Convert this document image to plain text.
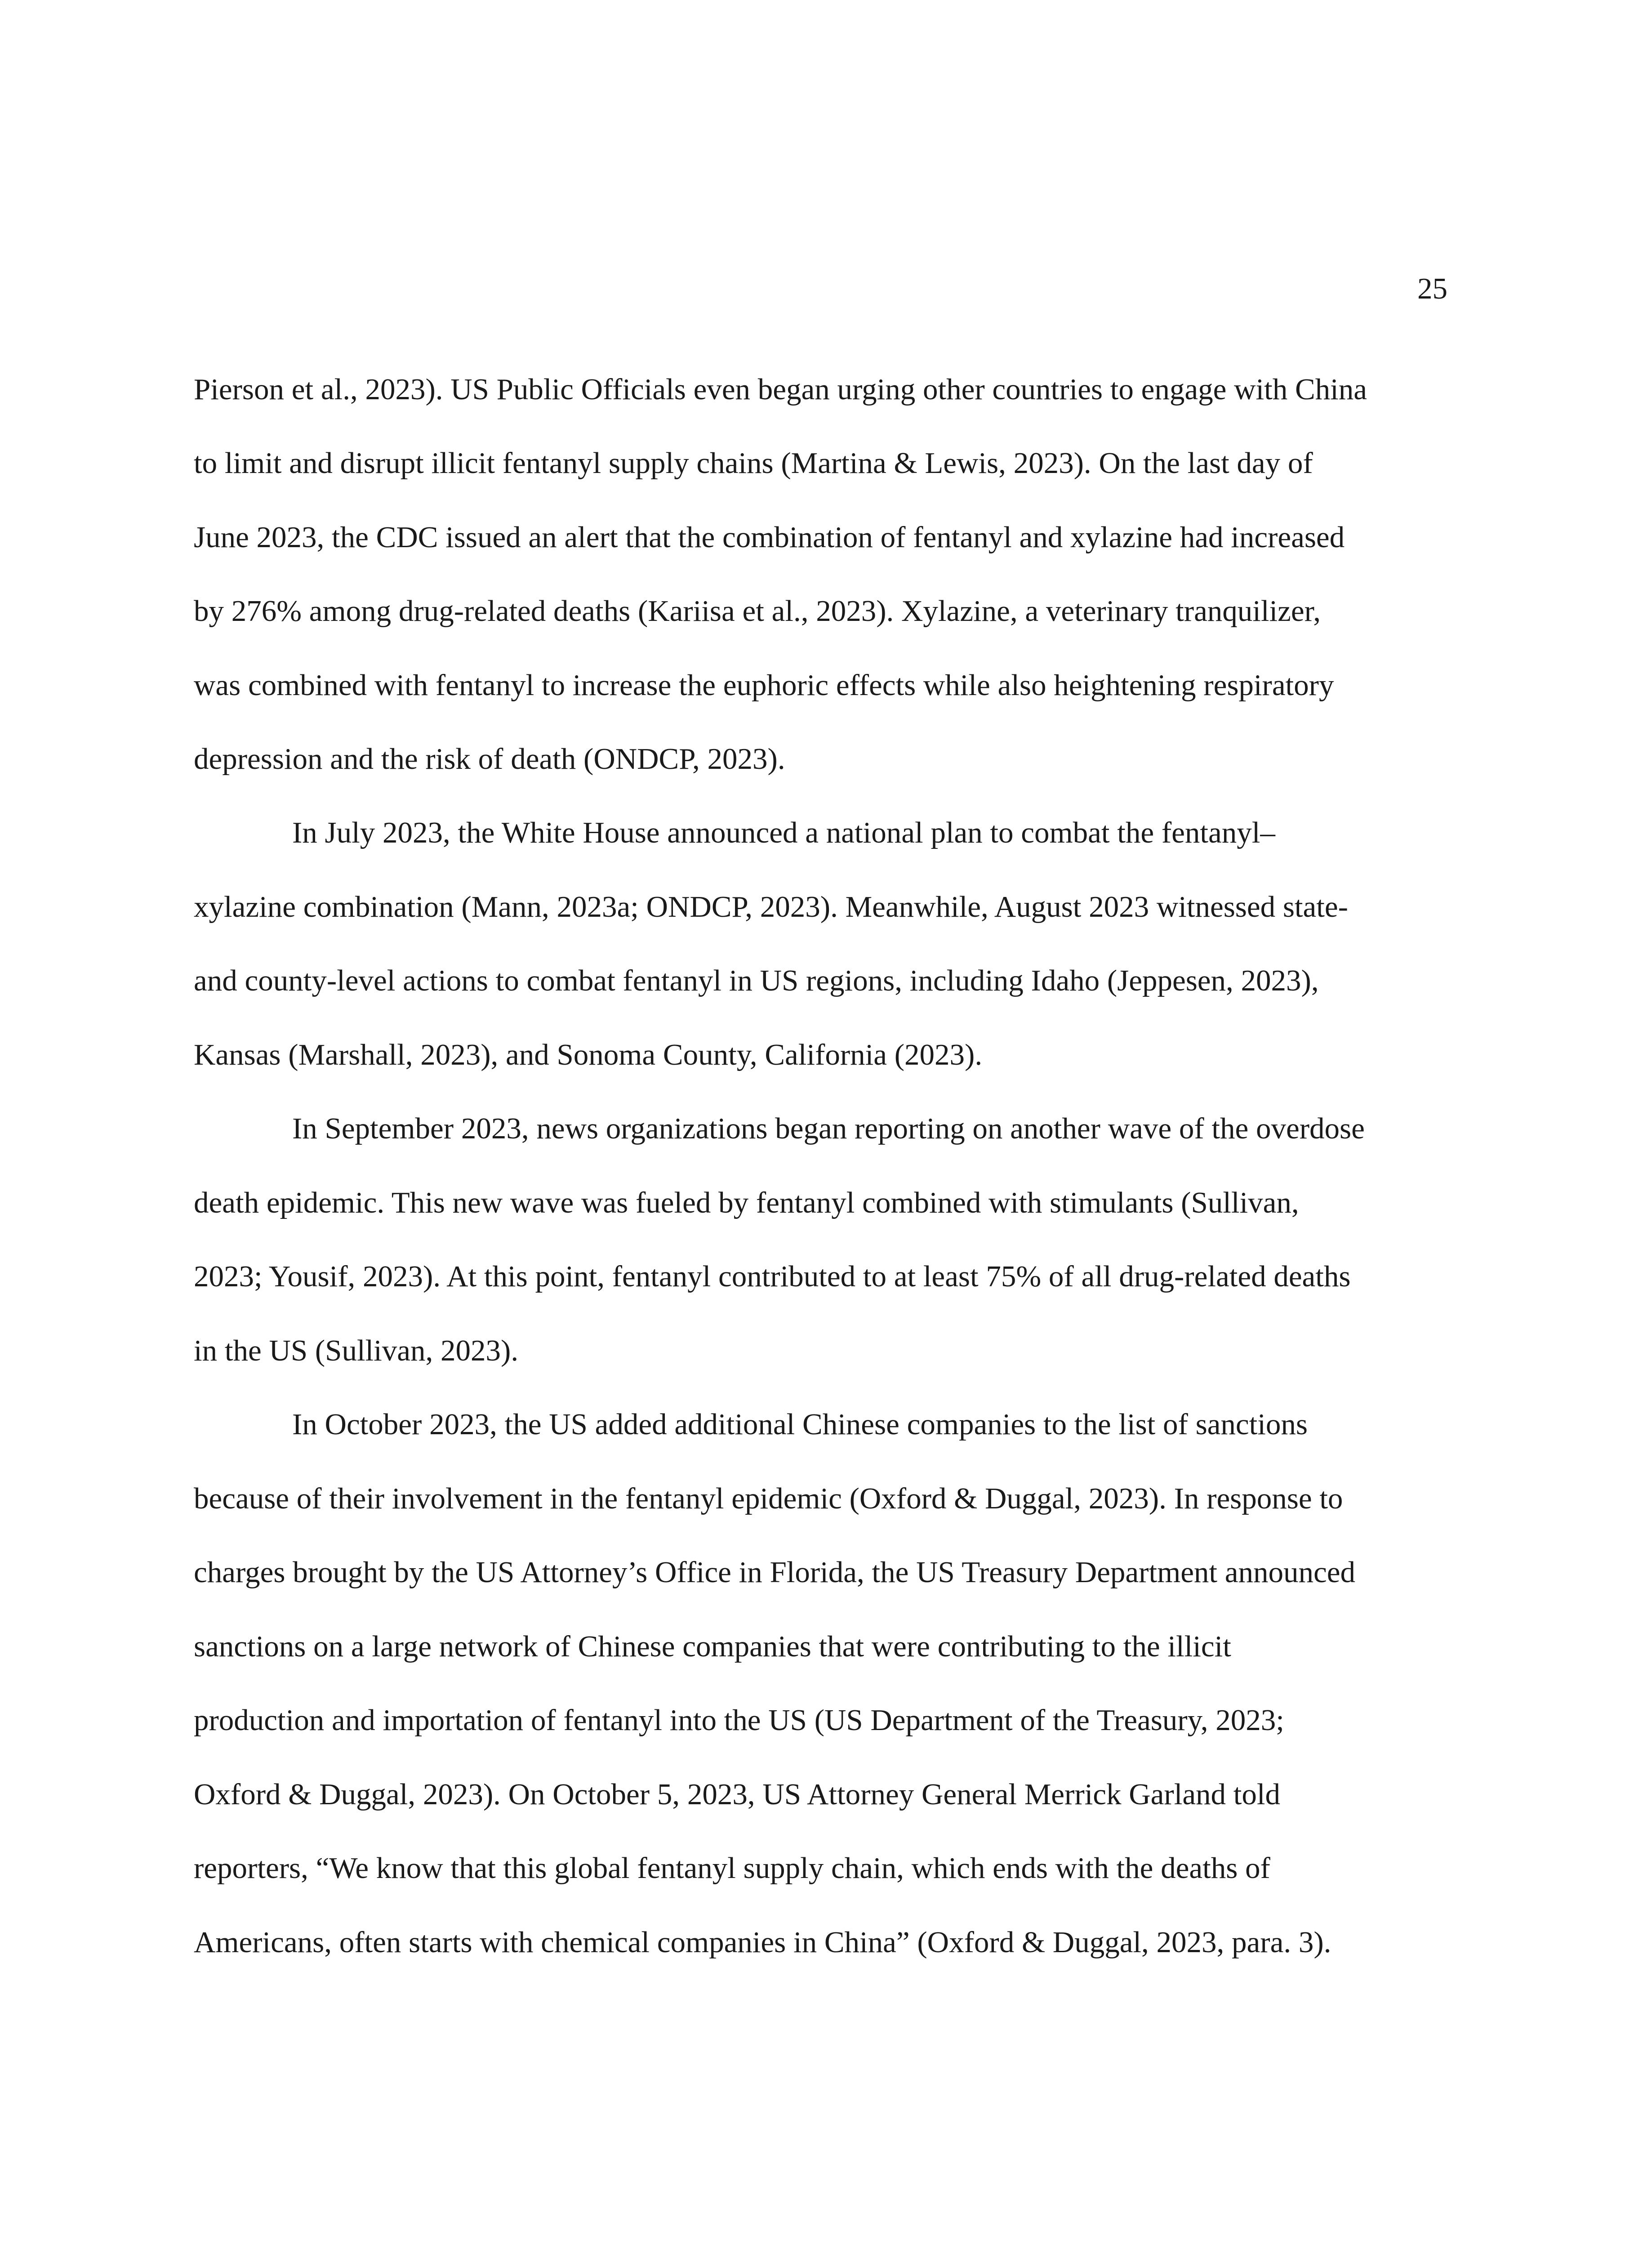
25
Pierson et al., 2023). US Public Officials even began urging other countries to engage with China
to limit and disrupt illicit fentanyl supply chains (Martina & Lewis, 2023). On the last day of
June 2023, the CDC issued an alert that the combination of fentanyl and xylazine had increased
by 276% among drug-related deaths (Kariisa et al., 2023). Xylazine, a veterinary tranquilizer,
was combined with fentanyl to increase the euphoric effects while also heightening respiratory
depression and the risk of death (ONDCP, 2023).
In July 2023, the White House announced a national plan to combat the fentanyl–
xylazine combination (Mann, 2023a; ONDCP, 2023). Meanwhile, August 2023 witnessed state-
and county-level actions to combat fentanyl in US regions, including Idaho (Jeppesen, 2023),
Kansas (Marshall, 2023), and Sonoma County, California (2023).
In September 2023, news organizations began reporting on another wave of the overdose
death epidemic. This new wave was fueled by fentanyl combined with stimulants (Sullivan,
2023; Yousif, 2023). At this point, fentanyl contributed to at least 75% of all drug-related deaths
in the US (Sullivan, 2023).
In October 2023, the US added additional Chinese companies to the list of sanctions
because of their involvement in the fentanyl epidemic (Oxford & Duggal, 2023). In response to
charges brought by the US Attorney’s Office in Florida, the US Treasury Department announced
sanctions on a large network of Chinese companies that were contributing to the illicit
production and importation of fentanyl into the US (US Department of the Treasury, 2023;
Oxford & Duggal, 2023). On October 5, 2023, US Attorney General Merrick Garland told
reporters, “We know that this global fentanyl supply chain, which ends with the deaths of
Americans, often starts with chemical companies in China” (Oxford & Duggal, 2023, para. 3).
